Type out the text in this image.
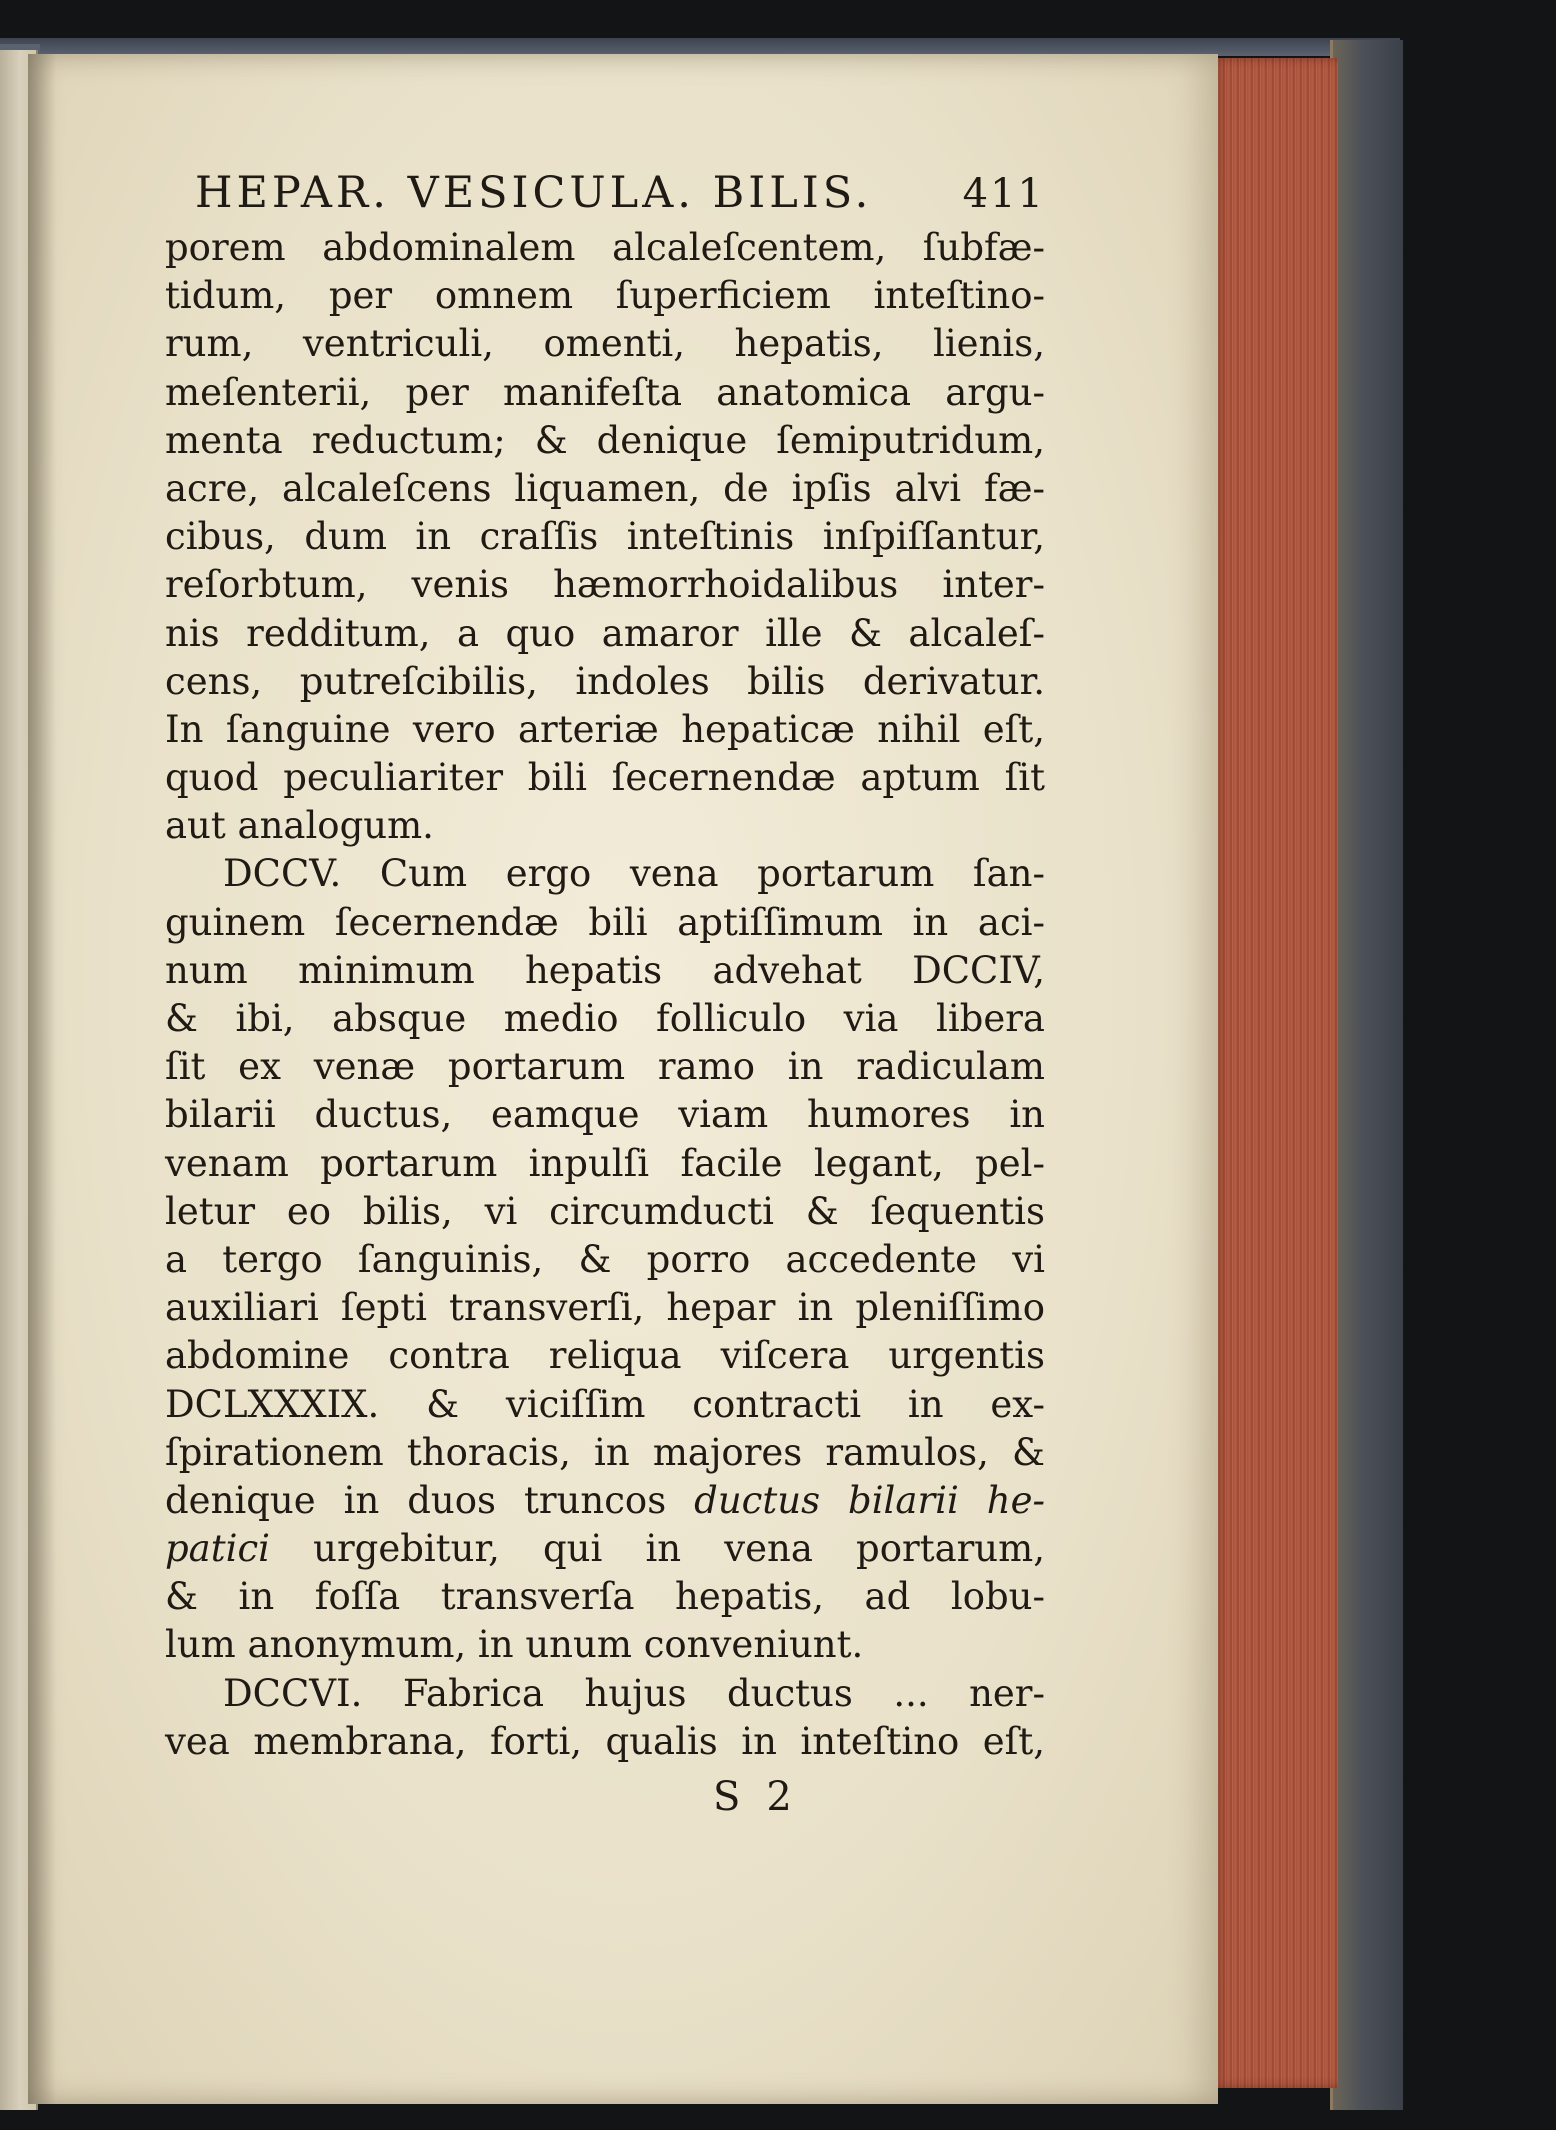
HEPAR. VESICULA. BILIS. 411
porem abdominalem alcaleſcentem, ſubfæ-
tidum, per omnem ſuperficiem inteſtino-
rum, ventriculi, omenti, hepatis, lienis,
meſenterii, per manifeſta anatomica argu-
menta reductum; & denique ſemiputridum,
acre, alcaleſcens liquamen, de ipſis alvi fæ-
cibus, dum in craſſis inteſtinis inſpiſſantur,
reſorbtum, venis hæmorrhoidalibus inter-
nis redditum, a quo amaror ille & alcaleſ-
cens, putreſcibilis, indoles bilis derivatur.
In ſanguine vero arteriæ hepaticæ nihil eſt,
quod peculiariter bili ſecernendæ aptum ſit
aut analogum.
DCCV. Cum ergo vena portarum ſan-
guinem ſecernendæ bili aptiſſimum in aci-
num minimum hepatis advehat DCCIV,
& ibi, absque medio folliculo via libera
ſit ex venæ portarum ramo in radiculam
bilarii ductus, eamque viam humores in
venam portarum inpulſi facile legant, pel-
letur eo bilis, vi circumducti & ſequentis
a tergo ſanguinis, & porro accedente vi
auxiliari ſepti transverſi, hepar in pleniſſimo
abdomine contra reliqua viſcera urgentis
DCLXXXIX. & viciſſim contracti in ex-
ſpirationem thoracis, in majores ramulos, &
denique in duos truncos ductus bilarii he-
patici urgebitur, qui in vena portarum,
& in foſſa transverſa hepatis, ad lobu-
lum anonymum, in unum conveniunt.
DCCVI. Fabrica hujus ductus ... ner-
vea membrana, forti, qualis in inteſtino eſt,
S 2
